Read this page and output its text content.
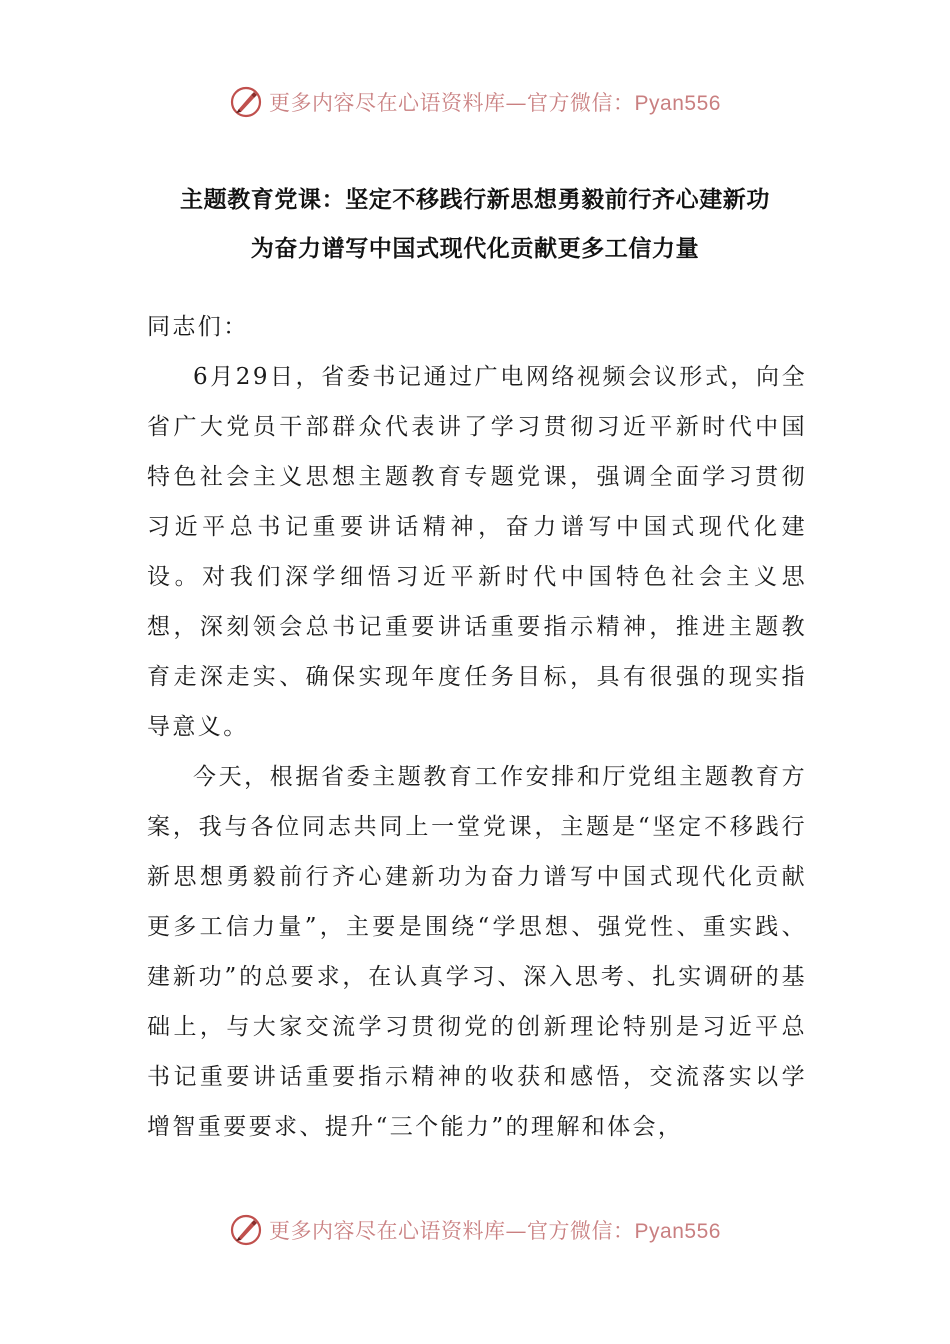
更多内容尽在心语资料库—官方微信：Pyan556
主题教育党课：坚定不移践行新思想勇毅前行齐心建新功
为奋力谱写中国式现代化贡献更多工信力量

同志们：

6月29日，省委书记通过广电网络视频会议形式，向全省广大党员干部群众代表讲了学习贯彻习近平新时代中国特色社会主义思想主题教育专题党课，强调全面学习贯彻习近平总书记重要讲话精神，奋力谱写中国式现代化建设。对我们深学细悟习近平新时代中国特色社会主义思想，深刻领会总书记重要讲话重要指示精神，推进主题教育走深走实、确保实现年度任务目标，具有很强的现实指导意义。

今天，根据省委主题教育工作安排和厅党组主题教育方案，我与各位同志共同上一堂党课，主题是“坚定不移践行新思想勇毅前行齐心建新功为奋力谱写中国式现代化贡献更多工信力量”，主要是围绕“学思想、强党性、重实践、建新功”的总要求，在认真学习、深入思考、扎实调研的基础上，与大家交流学习贯彻党的创新理论特别是习近平总书记重要讲话重要指示精神的收获和感悟，交流落实以学增智重要要求、提升“三个能力”的理解和体会，

更多内容尽在心语资料库—官方微信：Pyan556
